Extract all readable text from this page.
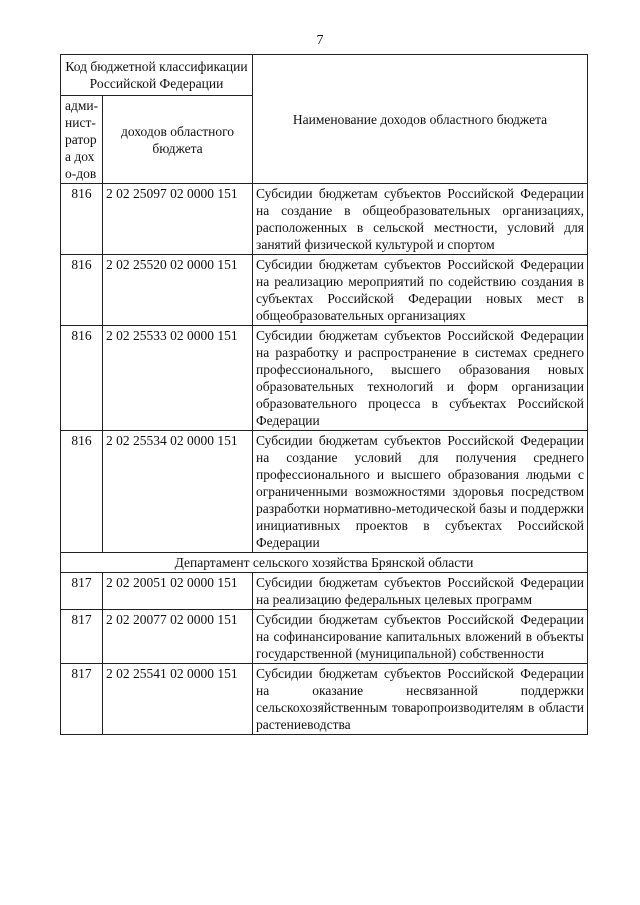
7
Код бюджетной классификации Российской Федерации		Наименование доходов областного бюджета
адми-нист-ратора дохо-дов	доходов областного бюджета	
816	2 02 25097 02 0000 151	Субсидии бюджетам субъектов Российской Федерации на создание в общеобразовательных организациях, расположенных в сельской местности, условий для занятий физической культурой и спортом
816	2 02 25520 02 0000 151	Субсидии бюджетам субъектов Российской Федерации на реализацию мероприятий по содействию создания в субъектах Российской Федерации новых мест в общеобразовательных организациях
816	2 02 25533 02 0000 151	Субсидии бюджетам субъектов Российской Федерации на разработку и распространение в системах среднего профессионального, высшего образования новых образовательных технологий и форм организации образовательного процесса в субъектах Российской Федерации
816	2 02 25534 02 0000 151	Субсидии бюджетам субъектов Российской Федерации на создание условий для получения среднего профессионального и высшего образования людьми с ограниченными возможностями здоровья посредством разработки нормативно-методической базы и поддержки инициативных проектов в субъектах Российской Федерации
Департамент сельского хозяйства Брянской области		
817	2 02 20051 02 0000 151	Субсидии бюджетам субъектов Российской Федерации на реализацию федеральных целевых программ
817	2 02 20077 02 0000 151	Субсидии бюджетам субъектов Российской Федерации на софинансирование капитальных вложений в объекты государственной (муниципальной) собственности
817	2 02 25541 02 0000 151	Субсидии бюджетам субъектов Российской Федерации на оказание несвязанной поддержки сельскохозяйственным товаропроизводителям в области растениеводства
